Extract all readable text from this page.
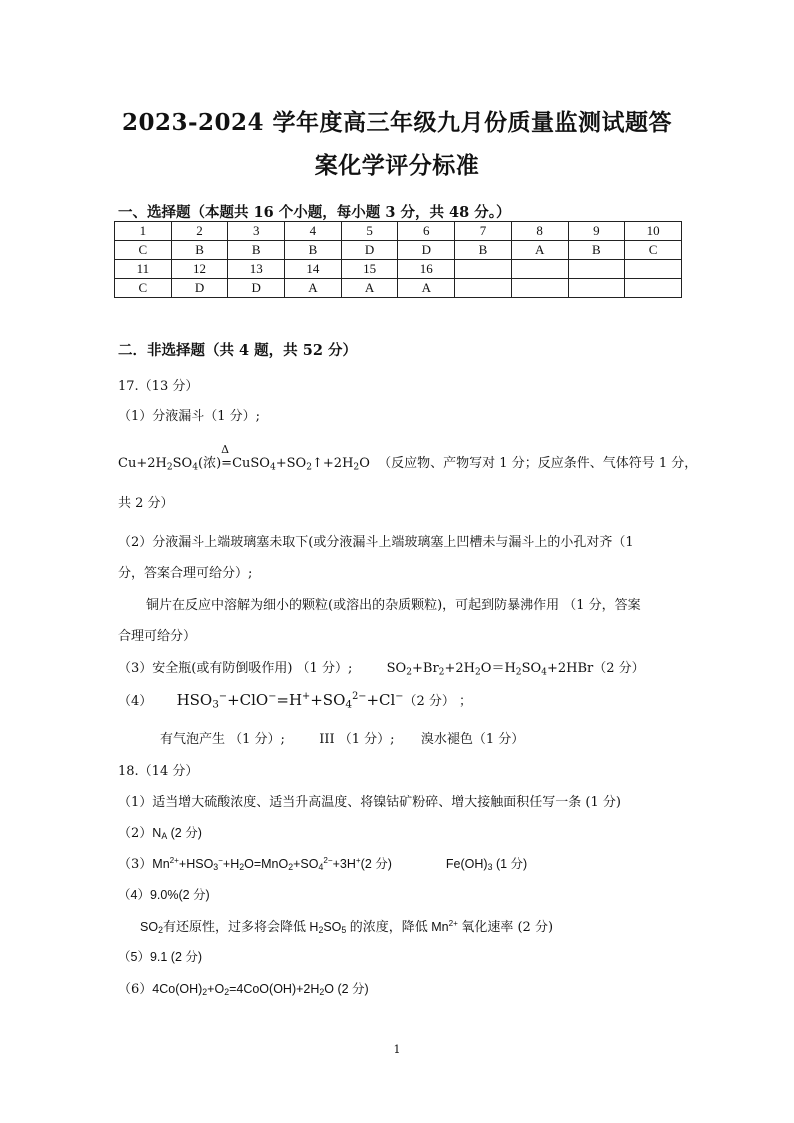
2023-2024 学年度高三年级九月份质量监测试题答
案化学评分标准
一、选择题（本题共 16 个小题，每小题 3 分，共 48 分。）
1	2	3	4	5	6	7	8	9	10
C	B	B	B	D	D	B	A	B	C
11	12	13	14	15	16				
C	D	D	A	A	A				
二．非选择题（共 4 题，共 52 分）
17.（13 分）
（1）分液漏斗（1 分）;
$Cu+2H_2SO_4$(浓)
Δ
$=CuSO_4+SO_2↑+2H_2O$ （反应物、产物写对 1 分；反应条件、气体符号 1 分，
共 2 分）
（2）分液漏斗上端玻璃塞未取下(或分液漏斗上端玻璃塞上凹槽未与漏斗上的小孔对齐（1
分，答案合理可给分）;
铜片在反应中溶解为细小的颗粒(或溶出的杂质颗粒)，可起到防暴沸作用 （1 分，答案
合理可给分）
（3）安全瓶(或有防倒吸作用) （1 分）;	$SO_2+Br_2+2H_2O=H_2SO_4+2HBr(2$ 分）
（4） $HSO_3^-+ClO^-=H^++SO_4^{2-}+Cl^-(2$ 分） ；
有气泡产生 （1 分）;	III （1 分）; 溴水褪色（1 分）
18.（14 分）
（1）适当增大硫酸浓度、适当升高温度、将镍钴矿粉碎、增大接触面积任写一条 (1 分)
$(2)N_A$ (2 分)
$(3)Mn^{2+}+HSO_3^-+H_2O=MnO_2+SO_4^{2-}+3H^+(2$ 分)	$Fe(OH)_3$ (1 分)
（4）9.0%(2 分)
$SO_2$有还原性，过多将会降低 $H_2SO_5$ 的浓度，降低 $Mn^{2+}$ 氧化速率 (2 分)
（5）9.1 (2 分)
$(6)4Co(OH)_2+O_2=4CoO(OH)+2H_2O$ (2 分)
1
